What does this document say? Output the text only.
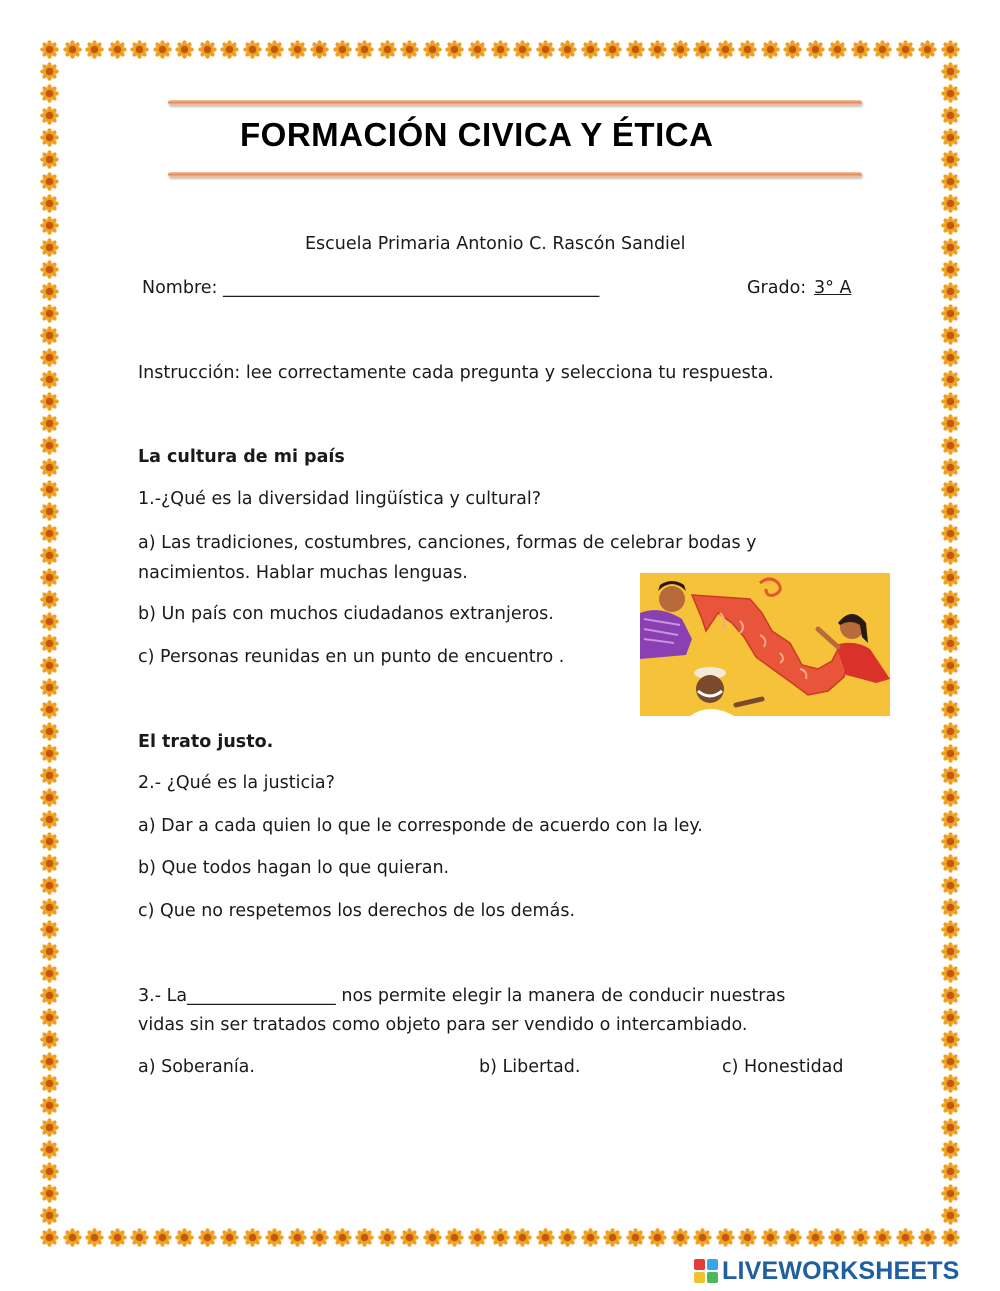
FORMACIÓN CIVICA Y ÉTICA
Escuela Primaria Antonio C. Rascón Sandiel
Nombre: ___________________________________________	Grado: 3° A
Instrucción: lee correctamente cada pregunta y selecciona tu respuesta.
La cultura de mi país
1.-¿Qué es la diversidad lingüística y cultural?
a) Las tradiciones, costumbres, canciones, formas de celebrar bodas y
nacimientos. Hablar muchas lenguas.
b) Un país con muchos ciudadanos extranjeros.
c) Personas reunidas en un punto de encuentro .
El trato justo.
2.- ¿Qué es la justicia?
a) Dar a cada quien lo que le corresponde de acuerdo con la ley.
b) Que todos hagan lo que quieran.
c) Que no respetemos los derechos de los demás.
3.- La_________________ nos permite elegir la manera de conducir nuestras
vidas sin ser tratados como objeto para ser vendido o intercambiado.
a) Soberanía.	b) Libertad.	c) Honestidad
LIVEWORKSHEETS
